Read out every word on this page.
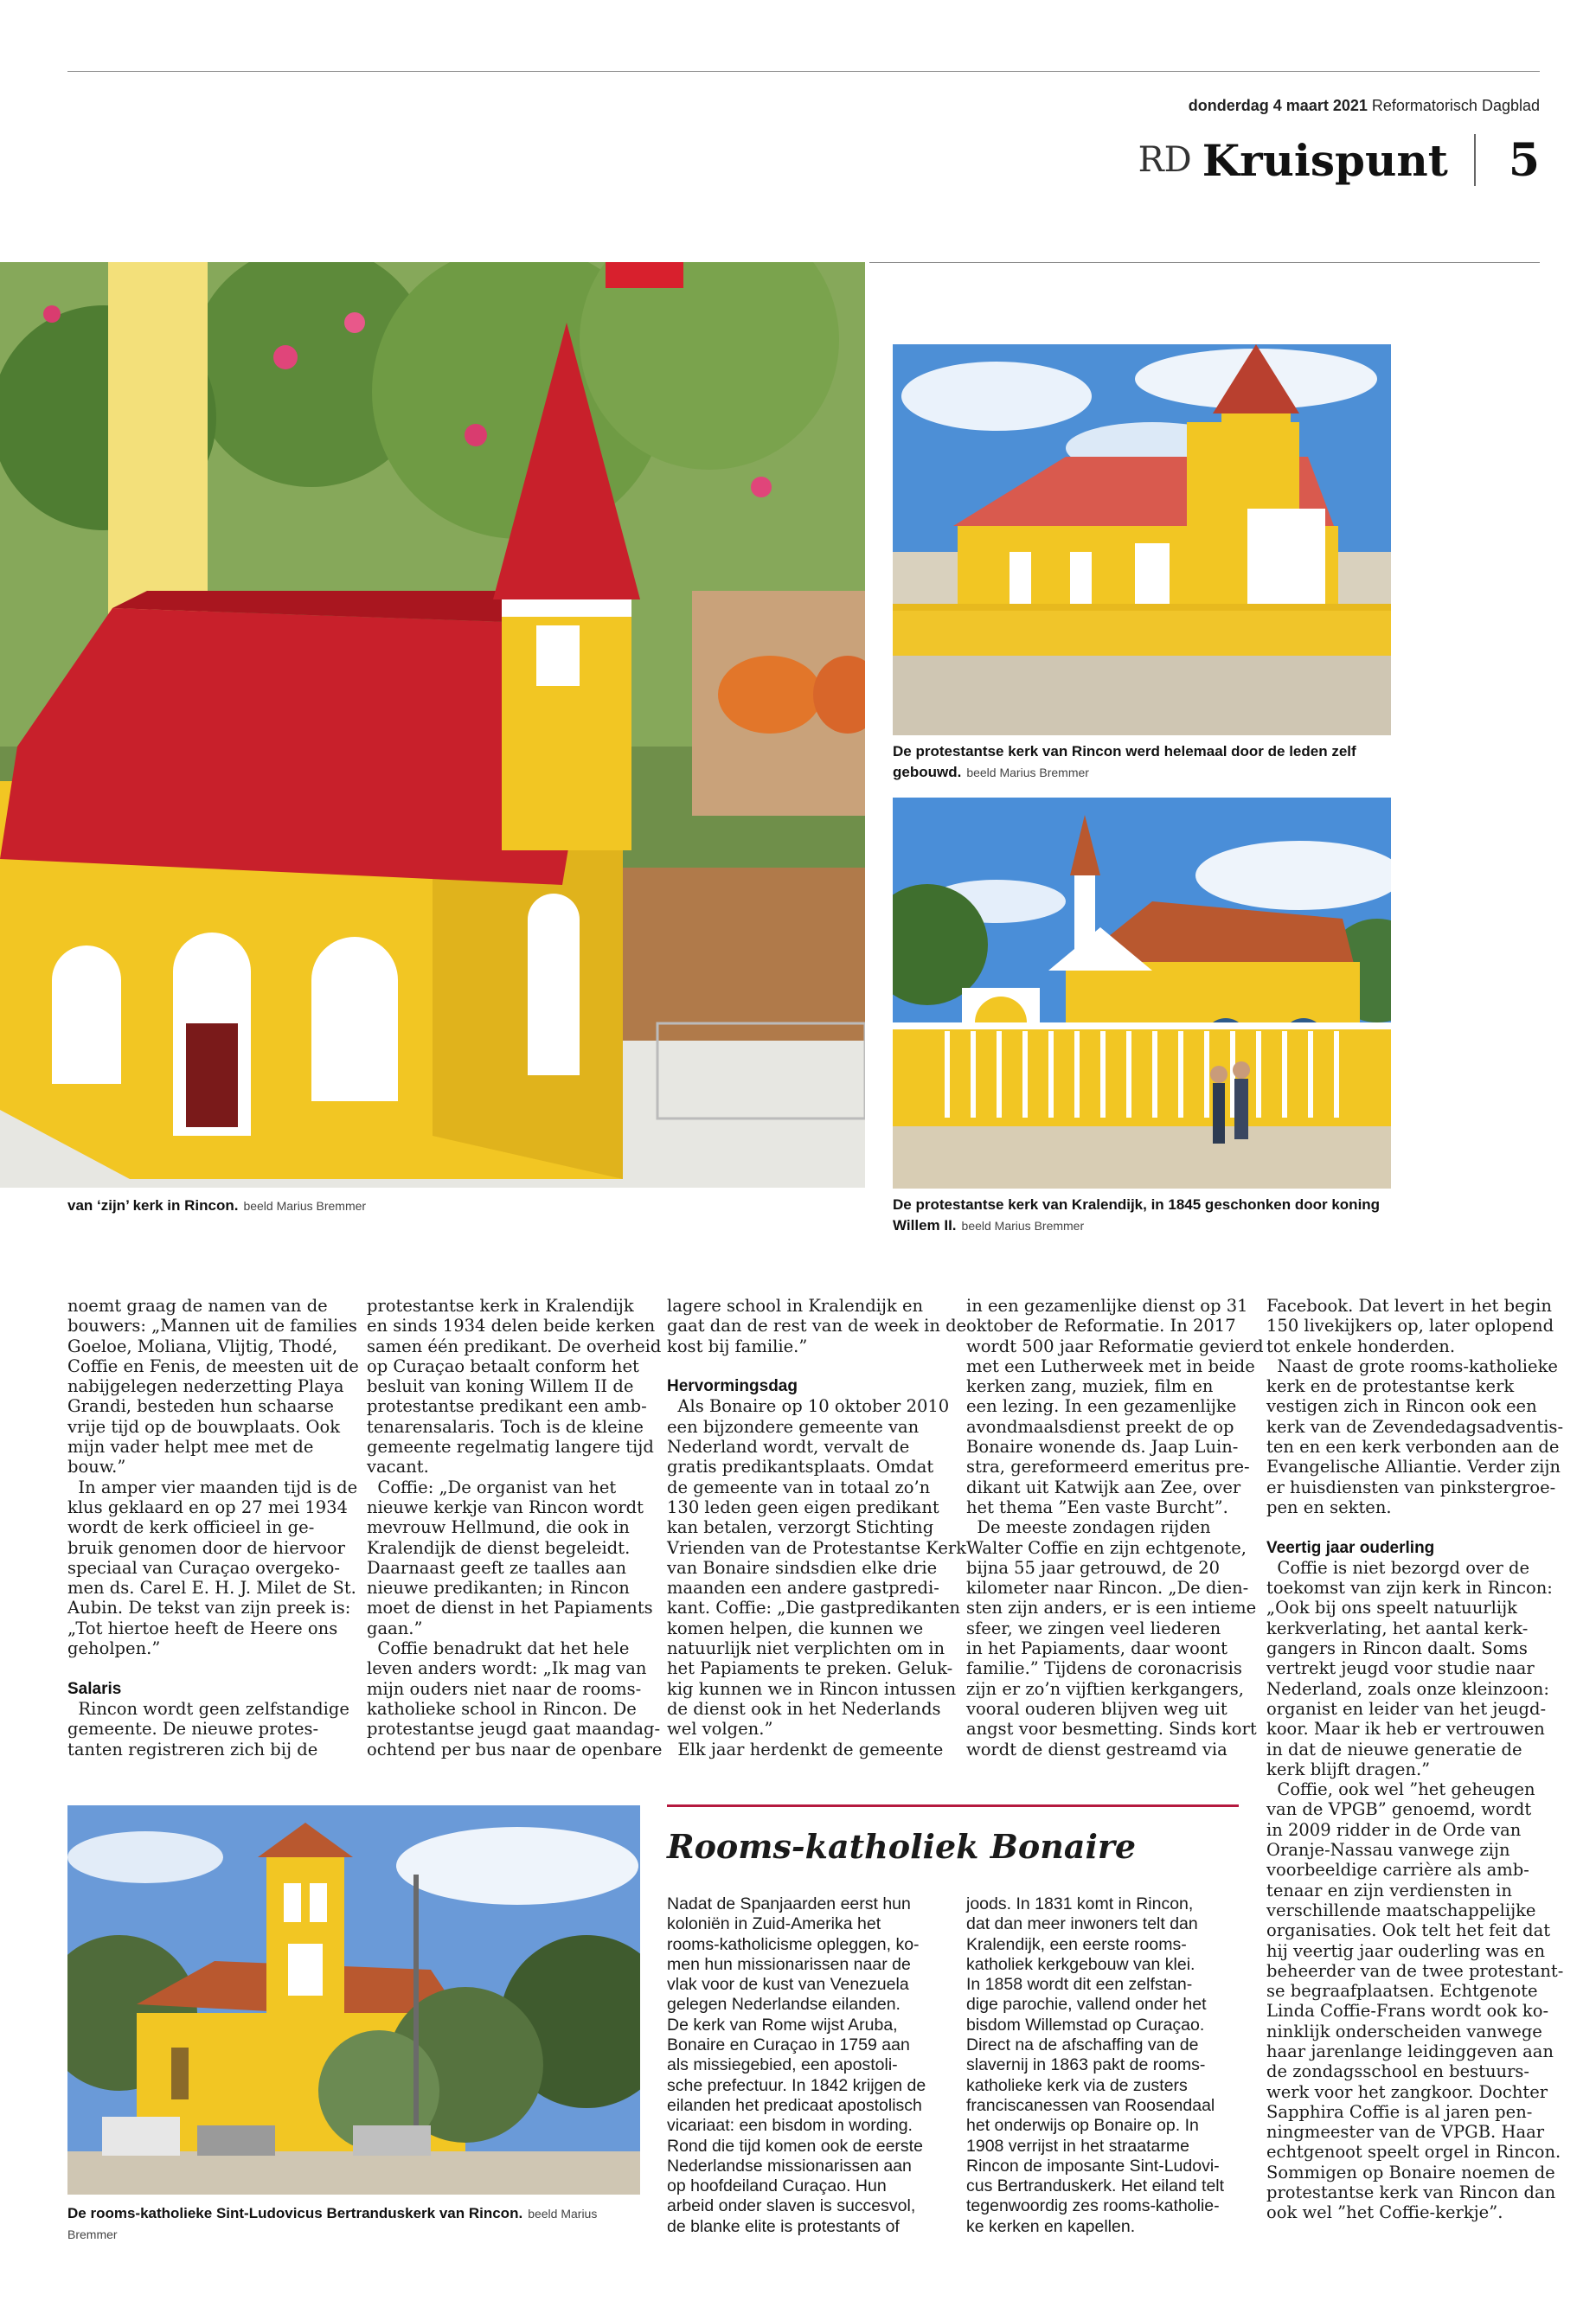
donderdag 4 maart 2021 Reformatorisch Dagblad
RD Kruispunt 5
van ‘zijn’ kerk in Rincon. beeld Marius Bremmer
De protestantse kerk van Rincon werd helemaal door de leden zelf gebouwd. beeld Marius Bremmer
De protestantse kerk van Kralendijk, in 1845 geschonken door koning Willem II. beeld Marius Bremmer
noemt graag de namen van de
bouwers: „Mannen uit de families
Goeloe, Moliana, Vlijtig, Thodé,
Coffie en Fenis, de meesten uit de
nabijgelegen nederzetting Playa
Grandi, besteden hun schaarse
vrije tijd op de bouwplaats. Ook
mijn vader helpt mee met de
bouw.”
In amper vier maanden tijd is de
klus geklaard en op 27 mei 1934
wordt de kerk officieel in ge-
bruik genomen door de hiervoor
speciaal van Curaçao overgeko-
men ds. Carel E. H. J. Milet de St.
Aubin. De tekst van zijn preek is:
„Tot hiertoe heeft de Heere ons
geholpen.”

Salaris
Rincon wordt geen zelfstandige
gemeente. De nieuwe protes-
tanten registreren zich bij de
protestantse kerk in Kralendijk
en sinds 1934 delen beide kerken
samen één predikant. De overheid
op Curaçao betaalt conform het
besluit van koning Willem II de
protestantse predikant een amb-
tenarensalaris. Toch is de kleine
gemeente regelmatig langere tijd
vacant.
Coffie: „De organist van het
nieuwe kerkje van Rincon wordt
mevrouw Hellmund, die ook in
Kralendijk de dienst begeleidt.
Daarnaast geeft ze taalles aan
nieuwe predikanten; in Rincon
moet de dienst in het Papiaments
gaan.”
Coffie benadrukt dat het hele
leven anders wordt: „Ik mag van
mijn ouders niet naar de rooms-
katholieke school in Rincon. De
protestantse jeugd gaat maandag-
ochtend per bus naar de openbare
lagere school in Kralendijk en
gaat dan de rest van de week in de
kost bij familie.”

Hervormingsdag
Als Bonaire op 10 oktober 2010
een bijzondere gemeente van
Nederland wordt, vervalt de
gratis predikantsplaats. Omdat
de gemeente van in totaal zo’n
130 leden geen eigen predikant
kan betalen, verzorgt Stichting
Vrienden van de Protestantse Kerk
van Bonaire sindsdien elke drie
maanden een andere gastpredi-
kant. Coffie: „Die gastpredikanten
komen helpen, die kunnen we
natuurlijk niet verplichten om in
het Papiaments te preken. Geluk-
kig kunnen we in Rincon intussen
de dienst ook in het Nederlands
wel volgen.”
Elk jaar herdenkt de gemeente
in een gezamenlijke dienst op 31
oktober de Reformatie. In 2017
wordt 500 jaar Reformatie gevierd
met een Lutherweek met in beide
kerken zang, muziek, film en
een lezing. In een gezamenlijke
avondmaalsdienst preekt de op
Bonaire wonende ds. Jaap Luin-
stra, gereformeerd emeritus pre-
dikant uit Katwijk aan Zee, over
het thema ”Een vaste Burcht”.
De meeste zondagen rijden
Walter Coffie en zijn echtgenote,
bijna 55 jaar getrouwd, de 20
kilometer naar Rincon. „De dien-
sten zijn anders, er is een intieme
sfeer, we zingen veel liederen
in het Papiaments, daar woont
familie.” Tijdens de coronacrisis
zijn er zo’n vijftien kerkgangers,
vooral ouderen blijven weg uit
angst voor besmetting. Sinds kort
wordt de dienst gestreamd via
Facebook. Dat levert in het begin
150 livekijkers op, later oplopend
tot enkele honderden.
Naast de grote rooms-katholieke
kerk en de protestantse kerk
vestigen zich in Rincon ook een
kerk van de Zevendedagsadventis-
ten en een kerk verbonden aan de
Evangelische Alliantie. Verder zijn
er huisdiensten van pinkstergroe-
pen en sekten.

Veertig jaar ouderling
Coffie is niet bezorgd over de
toekomst van zijn kerk in Rincon:
„Ook bij ons speelt natuurlijk
kerkverlating, het aantal kerk-
gangers in Rincon daalt. Soms
vertrekt jeugd voor studie naar
Nederland, zoals onze kleinzoon:
organist en leider van het jeugd-
koor. Maar ik heb er vertrouwen
in dat de nieuwe generatie de
kerk blijft dragen.”
Coffie, ook wel ”het geheugen
van de VPGB” genoemd, wordt
in 2009 ridder in de Orde van
Oranje-Nassau vanwege zijn
voorbeeldige carrière als amb-
tenaar en zijn verdiensten in
verschillende maatschappelijke
organisaties. Ook telt het feit dat
hij veertig jaar ouderling was en
beheerder van de twee protestant-
se begraafplaatsen. Echtgenote
Linda Coffie-Frans wordt ook ko-
ninklijk onderscheiden vanwege
haar jarenlange leidinggeven aan
de zondagsschool en bestuurs-
werk voor het zangkoor. Dochter
Sapphira Coffie is al jaren pen-
ningmeester van de VPGB. Haar
echtgenoot speelt orgel in Rincon.
Sommigen op Bonaire noemen de
protestantse kerk van Rincon dan
ook wel ”het Coffie-kerkje”.
De rooms-katholieke Sint-Ludovicus Bertranduskerk van Rincon. beeld Marius Bremmer
Rooms-katholiek Bonaire
Nadat de Spanjaarden eerst hun
koloniën in Zuid-Amerika het
rooms-katholicisme opleggen, ko-
men hun missionarissen naar de
vlak voor de kust van Venezuela
gelegen Nederlandse eilanden.
De kerk van Rome wijst Aruba,
Bonaire en Curaçao in 1759 aan
als missiegebied, een apostoli-
sche prefectuur. In 1842 krijgen de
eilanden het predicaat apostolisch
vicariaat: een bisdom in wording.
Rond die tijd komen ook de eerste
Nederlandse missionarissen aan
op hoofdeiland Curaçao. Hun
arbeid onder slaven is succesvol,
de blanke elite is protestants of
joods. In 1831 komt in Rincon,
dat dan meer inwoners telt dan
Kralendijk, een eerste rooms-
katholiek kerkgebouw van klei.
In 1858 wordt dit een zelfstan-
dige parochie, vallend onder het
bisdom Willemstad op Curaçao.
Direct na de afschaffing van de
slavernij in 1863 pakt de rooms-
katholieke kerk via de zusters
franciscanessen van Roosendaal
het onderwijs op Bonaire op. In
1908 verrijst in het straatarme
Rincon de imposante Sint-Ludovi-
cus Bertranduskerk. Het eiland telt
tegenwoordig zes rooms-katholie-
ke kerken en kapellen.
